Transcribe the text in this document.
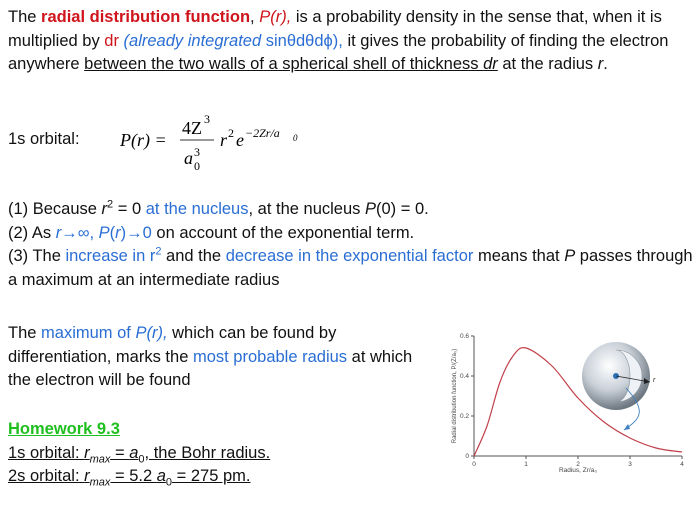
The radial distribution function, P(r), is a probability density in the sense that, when it is multiplied by dr (already integrated sinθdθdϕ), it gives the probability of finding the electron anywhere between the two walls of a spherical shell of thickness dr at the radius r.
1s orbital: P(r) =
4Z 3
a 3
0
r 2 e −2Zr/a 0
(1) Because $r^2 = 0$ at the nucleus, at the nucleus P(0) = 0.
(2) As r→∞, P(r)→0 on account of the exponential term.
(3) The increase in $r^2$ and the decrease in the exponential factor means that P passes through a maximum at an intermediate radius
The maximum of P(r), which can be found by differentiation, marks the most probable radius at which the electron will be found
Homework 9.3
1s orbital: $r_{max} = a_0$, the Bohr radius.
2s orbital: $r_{max} = 5.2$ $a_0 = 275$ pm.
0	1	2	3	4
0
0.2
0.4
0.6
Radial distribution function, P/(Z/a₀)
Radius, Zr/a₀
r
